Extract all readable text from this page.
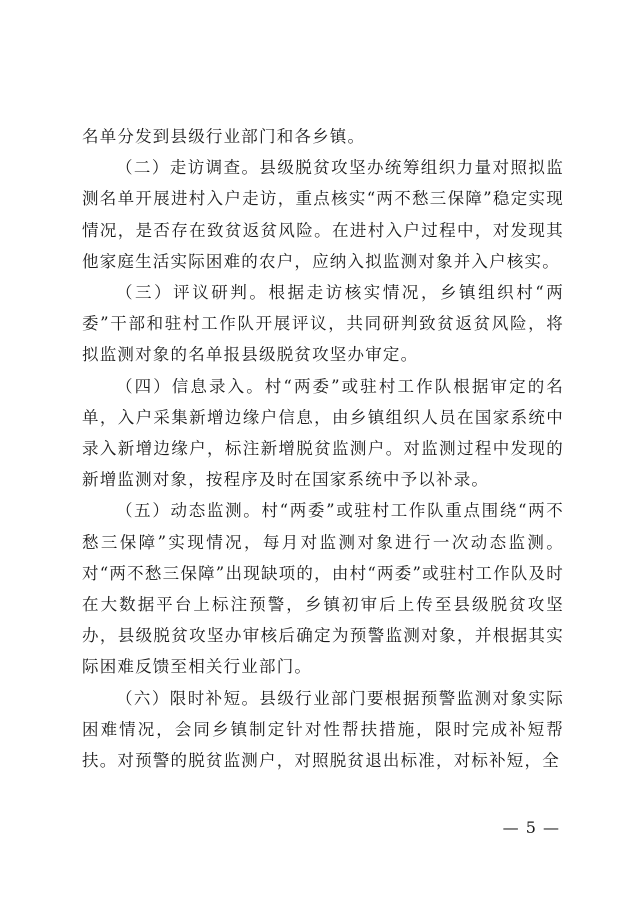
名单分发到县级行业部门和各乡镇。

（二）走访调查。县级脱贫攻坚办统筹组织力量对照拟监测名单开展进村入户走访，重点核实“两不愁三保障”稳定实现情况，是否存在致贫返贫风险。在进村入户过程中，对发现其他家庭生活实际困难的农户，应纳入拟监测对象并入户核实。

（三）评议研判。根据走访核实情况，乡镇组织村“两委”干部和驻村工作队开展评议，共同研判致贫返贫风险，将拟监测对象的名单报县级脱贫攻坚办审定。

（四）信息录入。村“两委”或驻村工作队根据审定的名单，入户采集新增边缘户信息，由乡镇组织人员在国家系统中录入新增边缘户，标注新增脱贫监测户。对监测过程中发现的新增监测对象，按程序及时在国家系统中予以补录。

（五）动态监测。村“两委”或驻村工作队重点围绕“两不愁三保障”实现情况，每月对监测对象进行一次动态监测。对“两不愁三保障”出现缺项的，由村“两委”或驻村工作队及时在大数据平台上标注预警，乡镇初审后上传至县级脱贫攻坚办，县级脱贫攻坚办审核后确定为预警监测对象，并根据其实际困难反馈至相关行业部门。

（六）限时补短。县级行业部门要根据预警监测对象实际困难情况，会同乡镇制定针对性帮扶措施，限时完成补短帮扶。对预警的脱贫监测户，对照脱贫退出标准，对标补短，全

— 5 —
